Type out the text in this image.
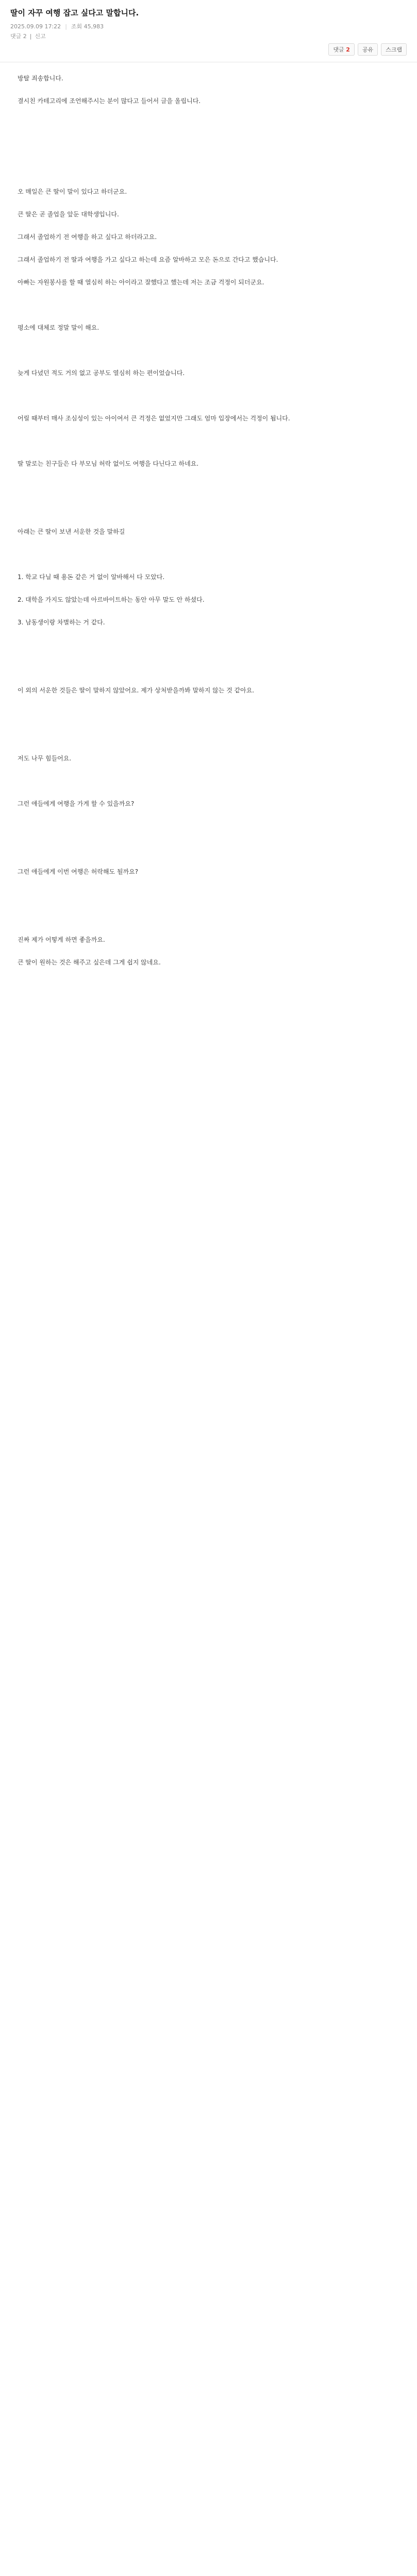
딸이 자꾸 여행 잡고 싶다고 말합니다.
2025.09.09 17:22 | 조회 45,983
댓글 2 | 신고
댓글 2	공유	스크랩

방탈 죄송합니다.

결시친 카테고리에 조언해주시는 분이 많다고 들어서 글을 올립니다.

오 매일은 큰 딸이 말이 있다고 하더군요.

큰 딸은 곧 졸업을 앞둔 대학생입니다.

그래서 졸업하기 전 여행을 하고 싶다고 하더라고요.

그래서 졸업하기 전 딸과 여행을 가고 싶다고 하는데 요즘 알바하고 모은 돈으로 간다고 했습니다.

아빠는 자원봉사를 할 때 열심히 하는 아이라고 잘했다고 했는데 저는 조금 걱정이 되더군요.

평소에 대체로 정말 말이 해요.

늦게 다녔던 적도 거의 없고 공부도 열심히 하는 편이었습니다.

어릴 때부터 매사 조심성이 있는 아이여서 큰 걱정은 없었지만 그래도 엄마 입장에서는 걱정이 됩니다.

딸 말로는 친구들은 다 부모님 허락 없이도 여행을 다닌다고 하네요.

아래는 큰 딸이 보낸 서운한 것을 말하길

1. 학교 다닐 때 용돈 같은 거 없이 알바해서 다 모았다.

2. 대학을 가지도 않았는데 아르바이트하는 동안 아무 말도 안 하셨다.

3. 남동생이랑 차별하는 거 같다.

이 외의 서운한 것들은 딸이 말하지 않았어요. 제가 상처받을까봐 말하지 않는 것 같아요.

저도 나무 힘들어요.

그런 애들에게 여행을 가게 할 수 있을까요?

그런 애들에게 이번 여행은 허락해도 될까요?

진짜 제가 어떻게 하면 좋을까요.

큰 딸이 원하는 것은 해주고 싶은데 그게 쉽지 않네요.
